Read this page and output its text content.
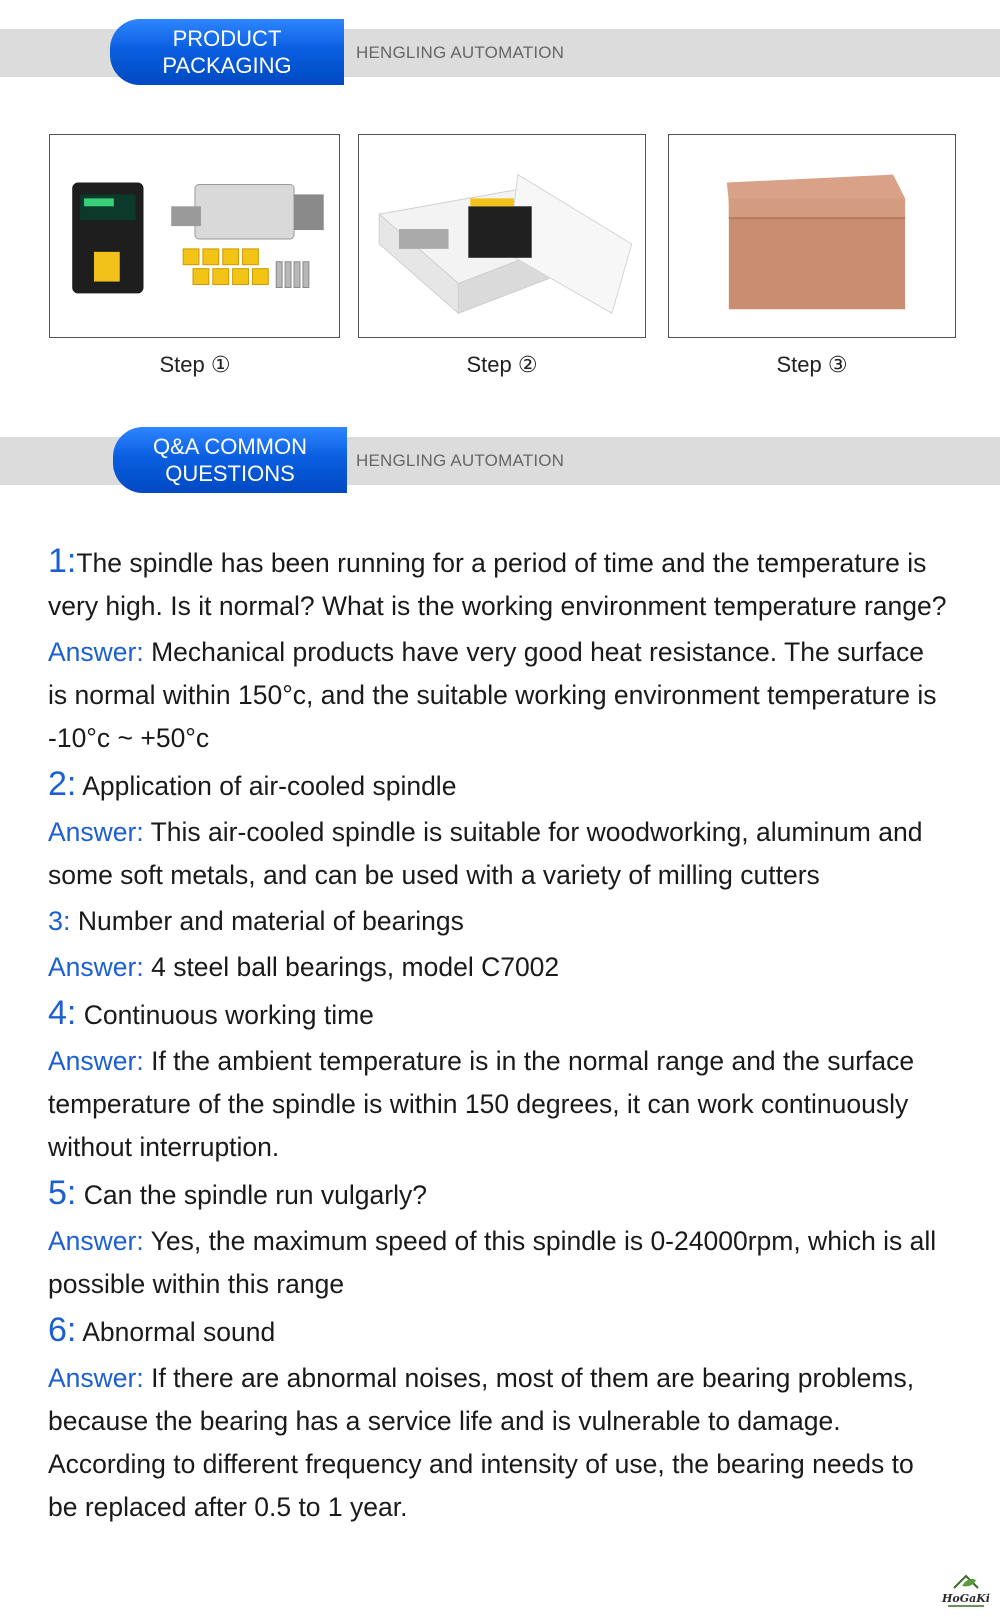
PRODUCT
PACKAGING
HENGLING AUTOMATION
Step ①	Step ②	Step ③
Q&A COMMON
QUESTIONS
HENGLING AUTOMATION

1:The spindle has been running for a period of time and the temperature is very high. Is it normal? What is the working environment temperature range?

Answer: Mechanical products have very good heat resistance. The surface is normal within 150°c, and the suitable working environment temperature is -10°c ~ +50°c

2: Application of air-cooled spindle

Answer: This air-cooled spindle is suitable for woodworking, aluminum and some soft metals, and can be used with a variety of milling cutters

3: Number and material of bearings

Answer: 4 steel ball bearings, model C7002

4: Continuous working time

Answer: If the ambient temperature is in the normal range and the surface temperature of the spindle is within 150 degrees, it can work continuously without interruption.

5: Can the spindle run vulgarly?

Answer: Yes, the maximum speed of this spindle is 0-24000rpm, which is all possible within this range

6: Abnormal sound

Answer: If there are abnormal noises, most of them are bearing problems, because the bearing has a service life and is vulnerable to damage. According to different frequency and intensity of use, the bearing needs to be replaced after 0.5 to 1 year.

HoGaKi
